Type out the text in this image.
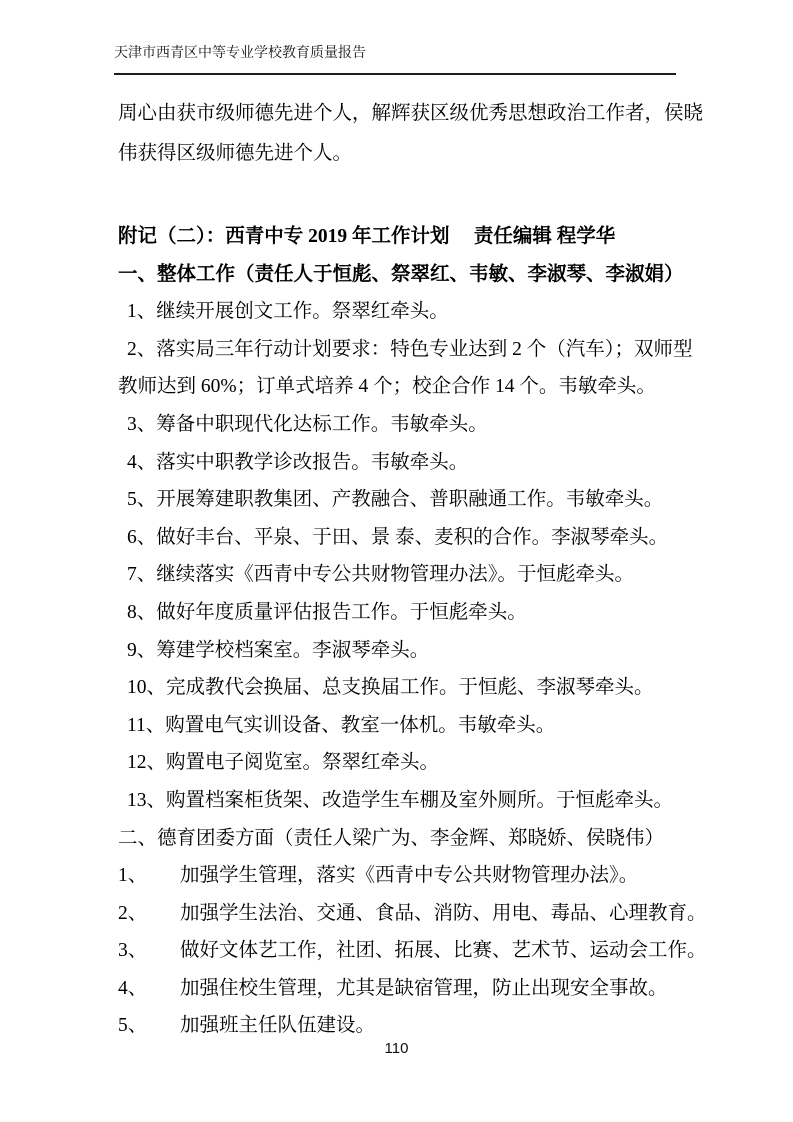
天津市西青区中等专业学校教育质量报告
周心由获市级师德先进个人，解辉获区级优秀思想政治工作者，侯晓
伟获得区级师德先进个人。
附记（二）：西青中专 2019 年工作计划　 责任编辑 程学华
一、整体工作（责任人于恒彪、祭翠红、韦敏、李淑琴、李淑娟）
1、继续开展创文工作。祭翠红牵头。
2、落实局三年行动计划要求：特色专业达到 2 个（汽车）；双师型
教师达到 60%；订单式培养 4 个；校企合作 14 个。韦敏牵头。
3、筹备中职现代化达标工作。韦敏牵头。
4、落实中职教学诊改报告。韦敏牵头。
5、开展筹建职教集团、产教融合、普职融通工作。韦敏牵头。
6、做好丰台、平泉、于田、景 泰、麦积的合作。李淑琴牵头。
7、继续落实《西青中专公共财物管理办法》。于恒彪牵头。
8、做好年度质量评估报告工作。于恒彪牵头。
9、筹建学校档案室。李淑琴牵头。
10、完成教代会换届、总支换届工作。于恒彪、李淑琴牵头。
11、购置电气实训设备、教室一体机。韦敏牵头。
12、购置电子阅览室。祭翠红牵头。
13、购置档案柜货架、改造学生车棚及室外厕所。于恒彪牵头。
二、德育团委方面（责任人梁广为、李金辉、郑晓娇、侯晓伟）
1、	加强学生管理，落实《西青中专公共财物管理办法》。
2、	加强学生法治、交通、食品、消防、用电、毒品、心理教育。
3、	做好文体艺工作，社团、拓展、比赛、艺术节、运动会工作。
4、	加强住校生管理，尤其是缺宿管理，防止出现安全事故。
5、	加强班主任队伍建设。
110
